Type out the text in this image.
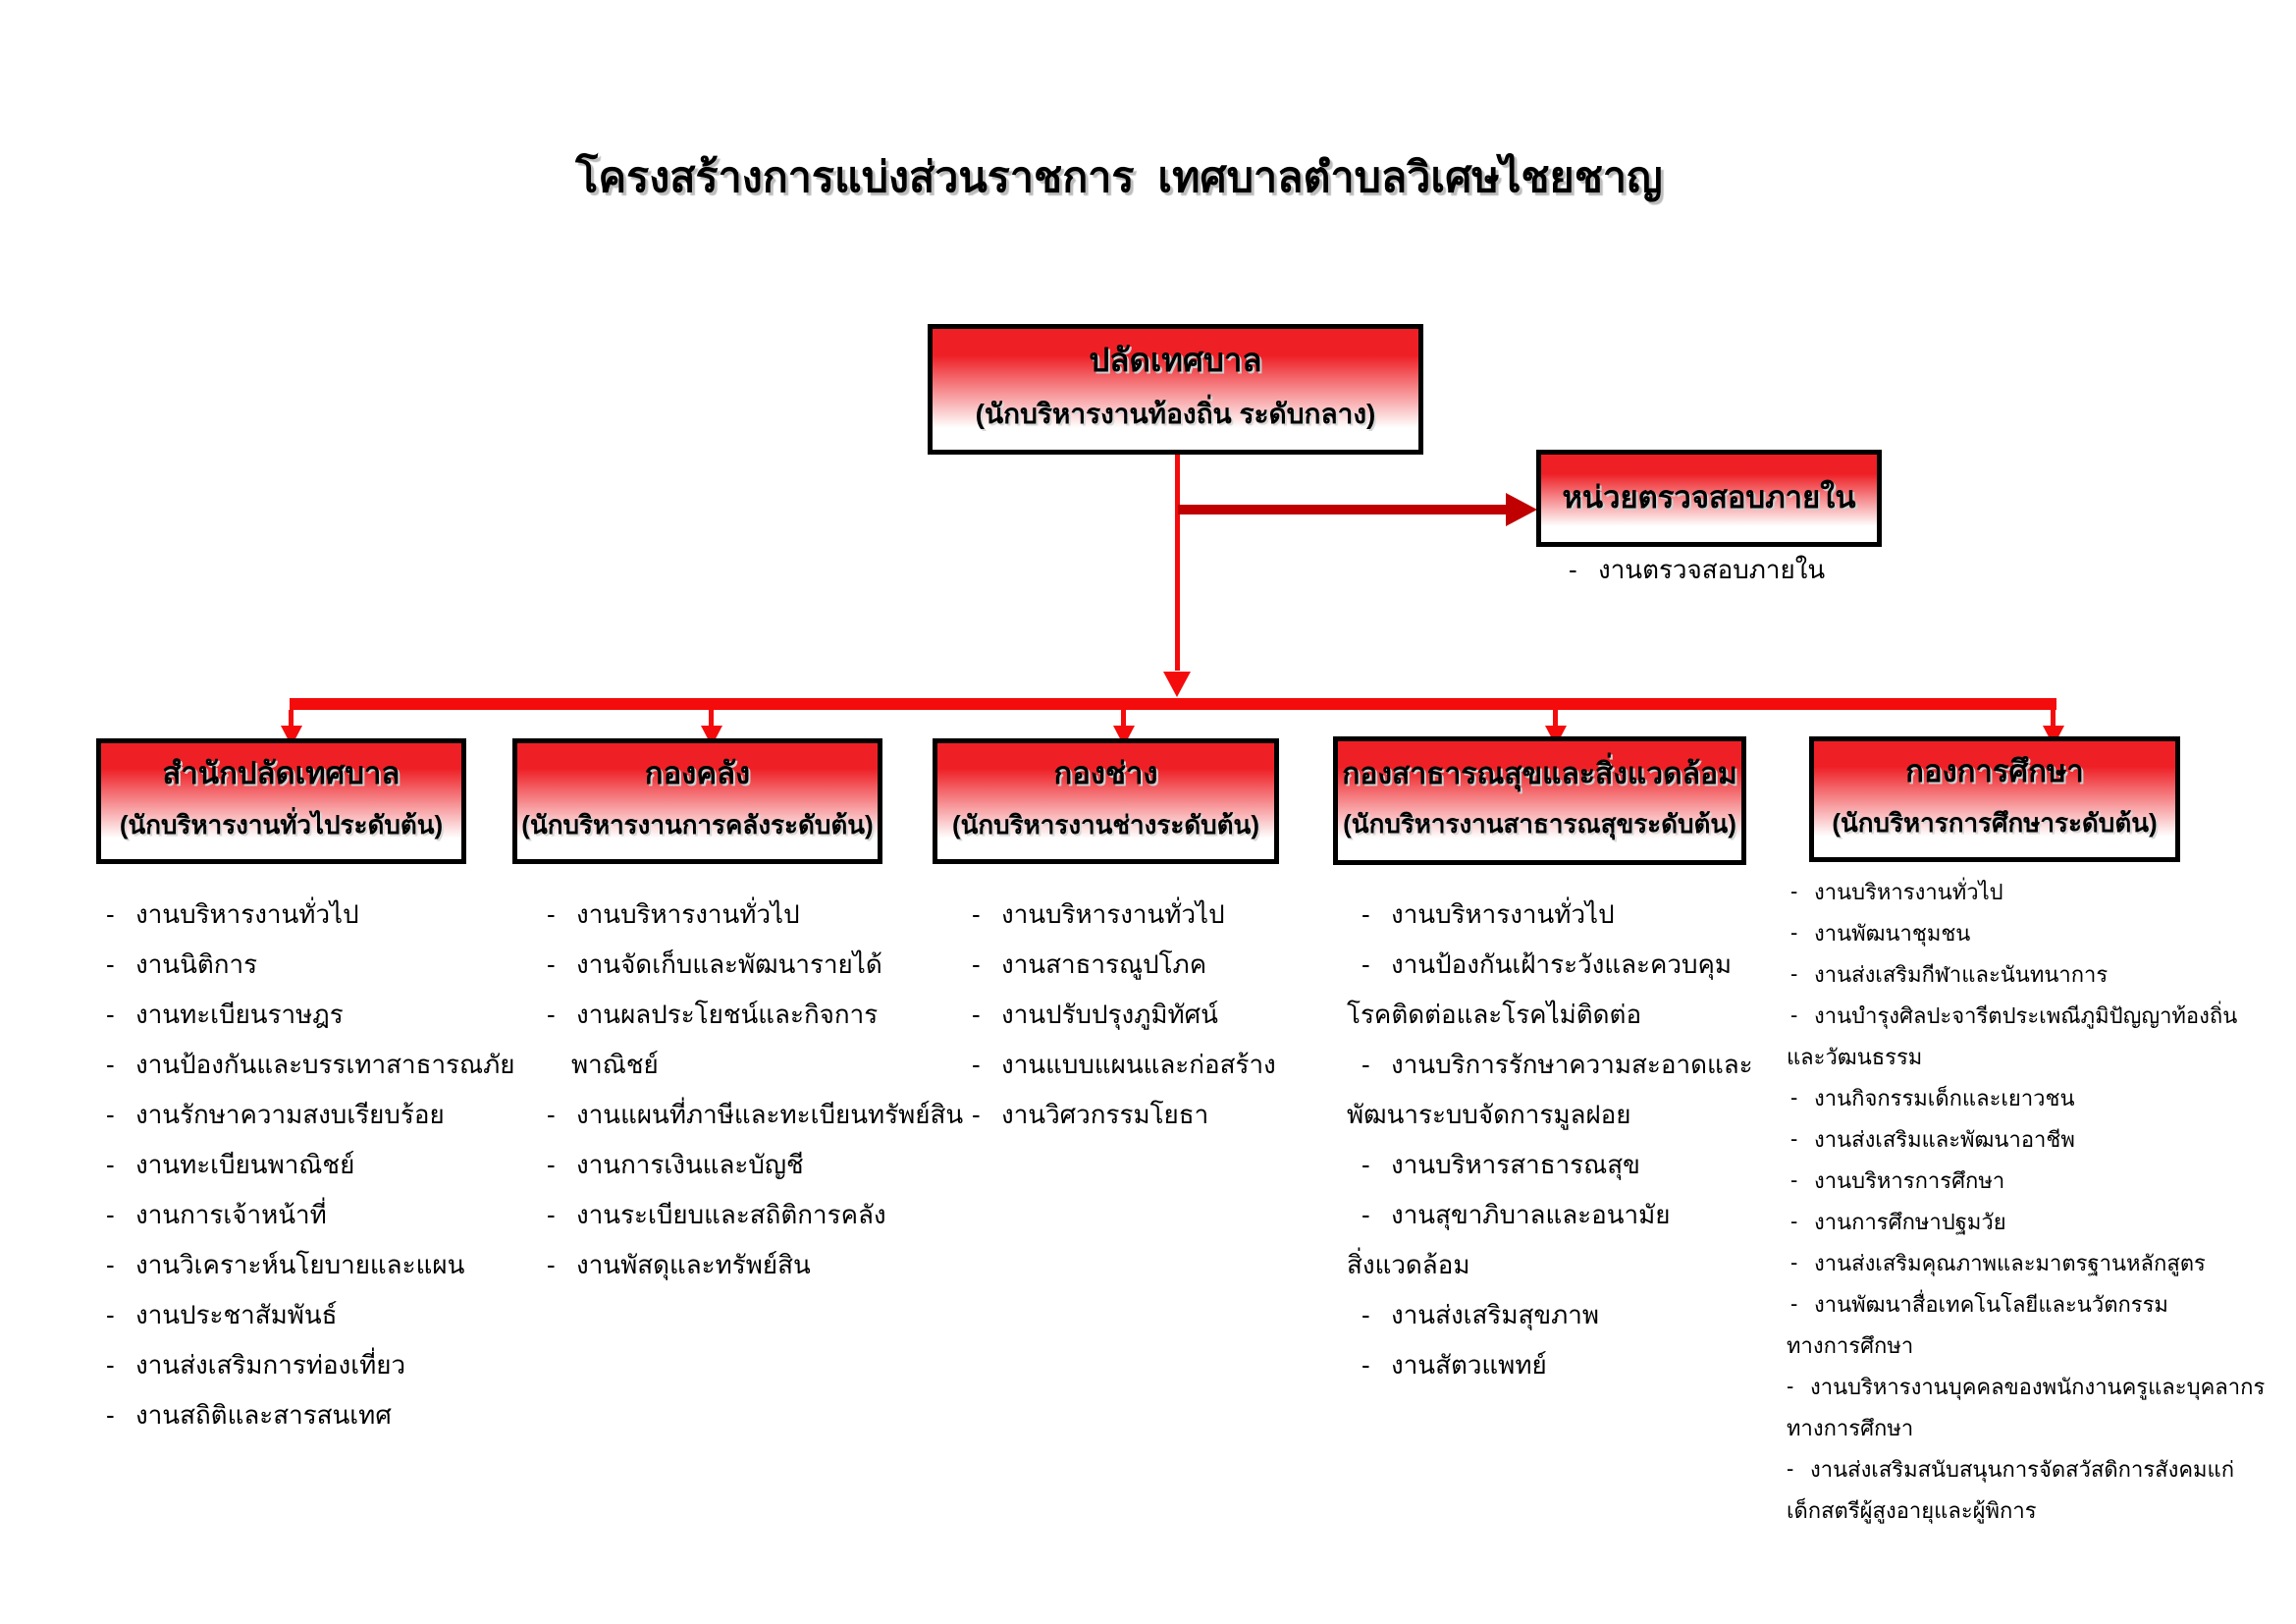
โครงสร้างการแบ่งส่วนราชการ  เทศบาลตำบลวิเศษไชยชาญ
ปลัดเทศบาล
(นักบริหารงานท้องถิ่น ระดับกลาง)
หน่วยตรวจสอบภายใน
- งานตรวจสอบภายใน
สำนักปลัดเทศบาล
(นักบริหารงานทั่วไประดับต้น)
กองคลัง
(นักบริหารงานการคลังระดับต้น)
กองช่าง
(นักบริหารงานช่างระดับต้น)
กองสาธารณสุขและสิ่งแวดล้อม
(นักบริหารงานสาธารณสุขระดับต้น)
กองการศึกษา
(นักบริหารการศึกษาระดับต้น)
- งานบริหารงานทั่วไป
- งานนิติการ
- งานทะเบียนราษฎร
- งานป้องกันและบรรเทาสาธารณภัย
- งานรักษาความสงบเรียบร้อย
- งานทะเบียนพาณิชย์
- งานการเจ้าหน้าที่
- งานวิเคราะห์นโยบายและแผน
- งานประชาสัมพันธ์
- งานส่งเสริมการท่องเที่ยว
- งานสถิติและสารสนเทศ
- งานบริหารงานทั่วไป
- งานจัดเก็บและพัฒนารายได้
- งานผลประโยชน์และกิจการ
พาณิชย์
- งานแผนที่ภาษีและทะเบียนทรัพย์สิน
- งานการเงินและบัญชี
- งานระเบียบและสถิติการคลัง
- งานพัสดุและทรัพย์สิน
- งานบริหารงานทั่วไป
- งานสาธารณูปโภค
- งานปรับปรุงภูมิทัศน์
- งานแบบแผนและก่อสร้าง
- งานวิศวกรรมโยธา
- งานบริหารงานทั่วไป
- งานป้องกันเฝ้าระวังและควบคุม
โรคติดต่อและโรคไม่ติดต่อ
- งานบริการรักษาความสะอาดและ
พัฒนาระบบจัดการมูลฝอย
- งานบริหารสาธารณสุข
- งานสุขาภิบาลและอนามัย
สิ่งแวดล้อม
- งานส่งเสริมสุขภาพ
- งานสัตวแพทย์
- งานบริหารงานทั่วไป
- งานพัฒนาชุมชน
- งานส่งเสริมกีฬาและนันทนาการ
- งานบำรุงศิลปะจารีตประเพณีภูมิปัญญาท้องถิ่น
และวัฒนธรรม
- งานกิจกรรมเด็กและเยาวชน
- งานส่งเสริมและพัฒนาอาชีพ
- งานบริหารการศึกษา
- งานการศึกษาปฐมวัย
- งานส่งเสริมคุณภาพและมาตรฐานหลักสูตร
- งานพัฒนาสื่อเทคโนโลยีและนวัตกรรม
ทางการศึกษา
- งานบริหารงานบุคคลของพนักงานครูและบุคลากร
ทางการศึกษา
- งานส่งเสริมสนับสนุนการจัดสวัสดิการสังคมแก่
เด็กสตรีผู้สูงอายุและผู้พิการ
